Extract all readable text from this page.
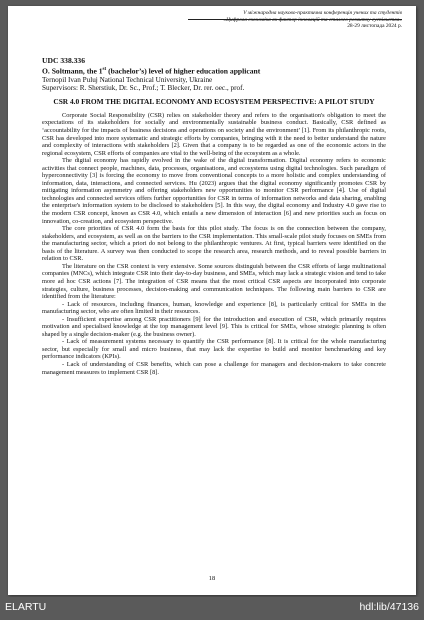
V міжнародна науково-практична конференція учених та студентів
«Цифрова економіка як фактор інновацій та сталого розвитку суспільства»
28-29 листопада 2024 р.
UDC 338.336
O. Soltmann, the 1st (bachelor’s) level of higher education applicant
Ternopil Ivan Puluj National Technical University, Ukraine
Supervisors: R. Sherstiuk, Dr. Sc., Prof.; T. Blecker, Dr. rer. oec., prof.
CSR 4.0 FROM THE DIGITAL ECONOMY AND ECOSYSTEM PERSPECTIVE: A PILOT STUDY

Corporate Social Responsibility (CSR) relies on stakeholder theory and refers to the organisation's obligation to meet the expectations of its stakeholders for socially and environmentally sustainable business conduct. Basically, CSR defined as ‘accountability for the impacts of business decisions and operations on society and the environment’ [1]. From its philanthropic roots, CSR has developed into more systematic and strategic efforts by companies, bringing with it the need to better understand the nature and complexity of interactions with stakeholders [2]. Given that a company is to be regarded as one of the economic actors in the regional ecosystem, CSR efforts of companies are vital to the well-being of the ecosystem as a whole.

The digital economy has rapidly evolved in the wake of the digital transformation. Digital economy refers to economic activities that connect people, machines, data, processes, organisations, and ecosystems using digital technologies. Such paradigm of hyperconnectivity [3] is forcing the economy to move from conventional concepts to a more holistic and complex understanding of information, data, interactions, and connected services. Hu (2023) argues that the digital economy significantly promotes CSR by mitigating information asymmetry and offering stakeholders new opportunities to monitor CSR performance [4]. Use of digital technologies and connected services offers further opportunities for CSR in terms of information networks and data sharing, enabling the enterprise's information system to be disclosed to stakeholders [5]. In this way, the digital economy and Industry 4.0 gave rise to the modern CSR concept, known as CSR 4.0, which entails a new dimension of interaction [6] and new priorities such as focus on innovation, co-creation, and ecosystem perspective.

The core priorities of CSR 4.0 form the basis for this pilot study. The focus is on the connection between the company, stakeholders, and ecosystem, as well as on the barriers to the CSR implementation. This small-scale pilot study focuses on SMEs from the manufacturing sector, which a priori do not belong to the philanthropic ventures. At first, typical barriers were identified on the basis of the literature. A survey was then conducted to scope the research area, research methods, and to reveal possible barriers in relation to CSR.

The literature on the CSR context is very extensive. Some sources distinguish between the CSR efforts of large multinational companies (MNCs), which integrate CSR into their day-to-day business, and SMEs, which may lack a strategic vision and tend to take more ad hoc CSR actions [7]. The integration of CSR means that the most critical CSR aspects are incorporated into corporate strategies, culture, business processes, decision-making and communication techniques. The following main barriers to CSR are identified from the literature:

- Lack of resources, including finances, human, knowledge and experience [8], is particularly critical for SMEs in the manufacturing sector, who are often limited in their resources.

- Insufficient expertise among CSR practitioners [9] for the introduction and execution of CSR, which primarily requires motivation and specialised knowledge at the top management level [9]. This is critical for SMEs, whose strategic planning is often shaped by a single decision-maker (e.g. the business owner).

- Lack of measurement systems necessary to quantify the CSR performance [8]. It is critical for the whole manufacturing sector, but especially for small and micro business, that may lack the expertise to build and monitor benchmarking and key performance indicators (KPIs).

- Lack of understanding of CSR benefits, which can pose a challenge for managers and decision-makers to take concrete management measures to implement CSR [8].

18
ELARTU	hdl:lib/47136
